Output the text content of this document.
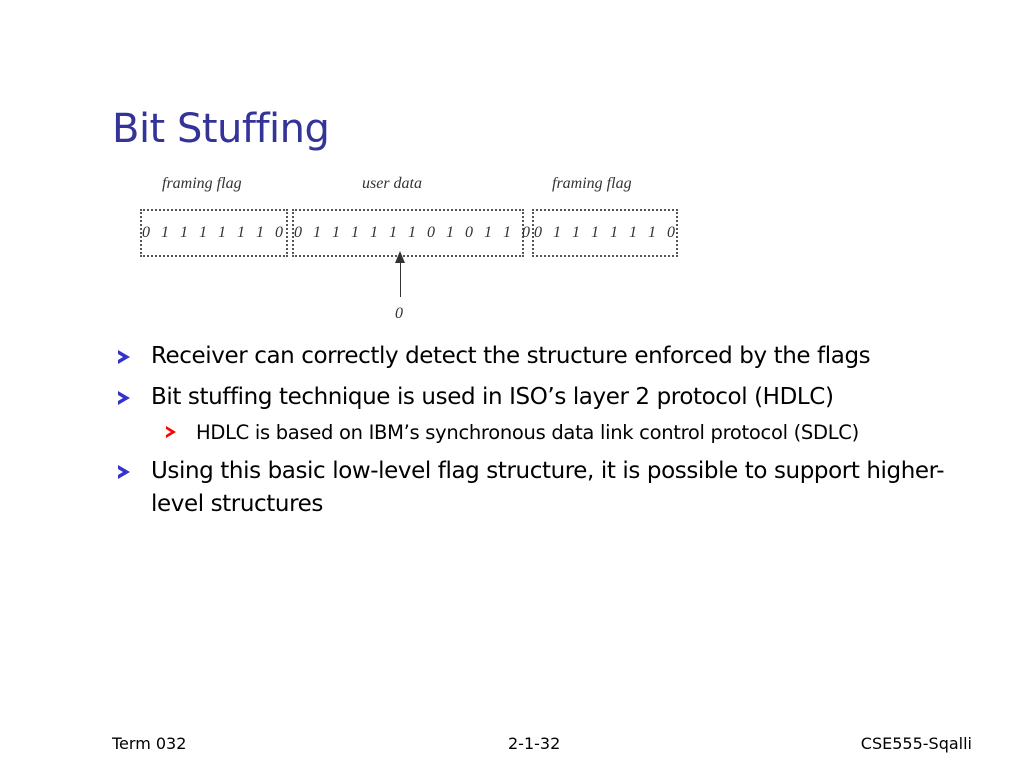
Bit Stuffing
framing flag	user data	framing flag
0 1 1 1 1 1 1 0 0 1 1 1 1 1 1 0 1 0 1 1 0 0 1 1 1 1 1 1 0
0
Receiver can correctly detect the structure enforced by the flags
Bit stuffing technique is used in ISO’s layer 2 protocol (HDLC)
HDLC is based on IBM’s synchronous data link control protocol (SDLC)
Using this basic low-level flag structure, it is possible to support higher-level structures
Term 032	2-1-32	CSE555-Sqalli
